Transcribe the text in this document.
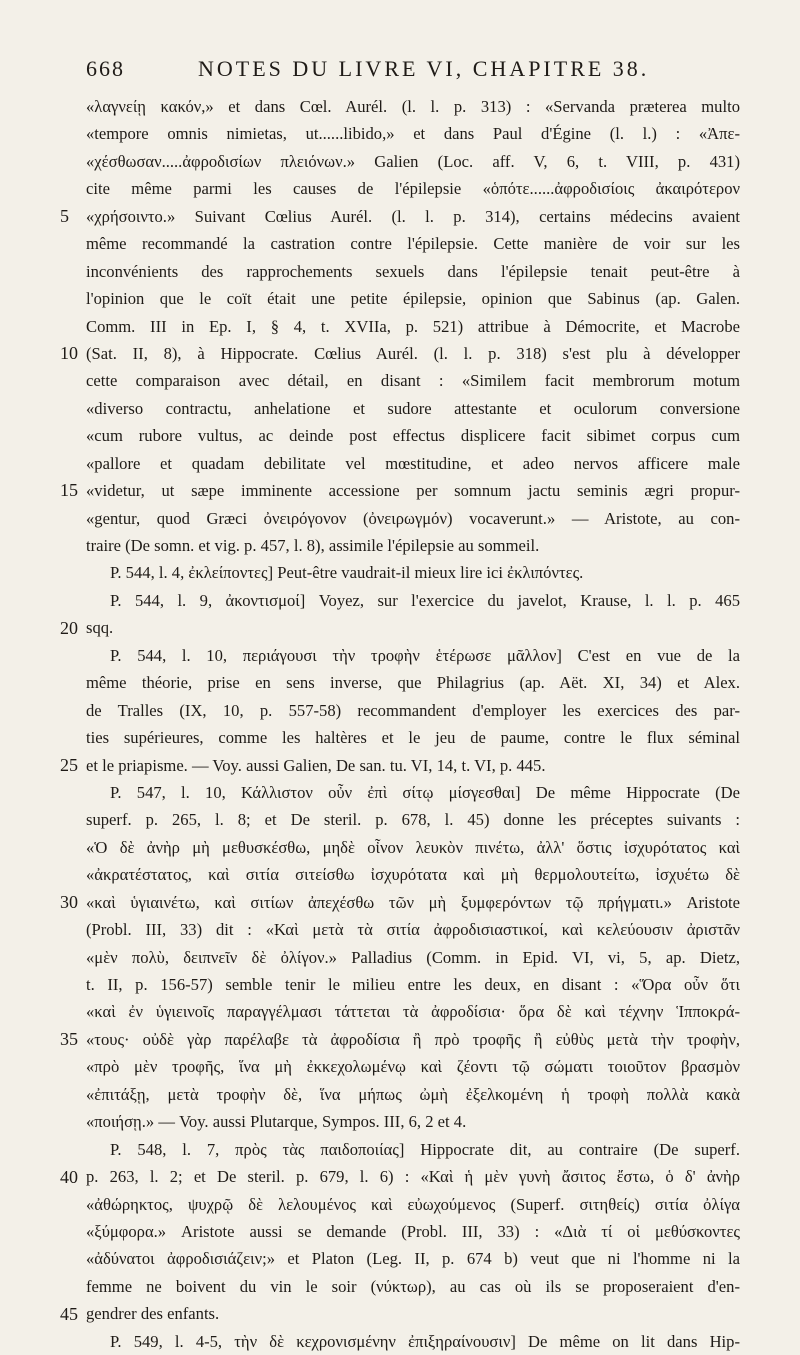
668	NOTES DU LIVRE VI, CHAPITRE 38.
5
10
15
20
25
30
35
40
45
«λαγνείῃ κακόν,» et dans Cœl. Aurél. (l. l. p. 313) : «Servanda præterea multo
«tempore omnis nimietas, ut......libido,» et dans Paul d'Égine (l. l.) : «Ἀπε-
«χέσθωσαν.....ἀφροδισίων πλειόνων.» Galien (Loc. aff. V, 6, t. VIII, p. 431)
cite même parmi les causes de l'épilepsie «ὁπότε......ἀφροδισίοις ἀκαιρότερον
«χρήσοιντο.» Suivant Cœlius Aurél. (l. l. p. 314), certains médecins avaient
même recommandé la castration contre l'épilepsie. Cette manière de voir sur les
inconvénients des rapprochements sexuels dans l'épilepsie tenait peut-être à
l'opinion que le coït était une petite épilepsie, opinion que Sabinus (ap. Galen.
Comm. III in Ep. I, § 4, t. XVIIa, p. 521) attribue à Démocrite, et Macrobe
(Sat. II, 8), à Hippocrate. Cœlius Aurél. (l. l. p. 318) s'est plu à développer
cette comparaison avec détail, en disant : «Similem facit membrorum motum
«diverso contractu, anhelatione et sudore attestante et oculorum conversione
«cum rubore vultus, ac deinde post effectus displicere facit sibimet corpus cum
«pallore et quadam debilitate vel mœstitudine, et adeo nervos afficere male
«videtur, ut sæpe imminente accessione per somnum jactu seminis ægri propur-
«gentur, quod Græci ὀνειρόγονον (ὀνειρωγμόν) vocaverunt.» — Aristote, au con-
traire (De somn. et vig. p. 457, l. 8), assimile l'épilepsie au sommeil.
P. 544, l. 4, ἐκλείποντες] Peut-être vaudrait-il mieux lire ici ἐκλιπόντες.
P. 544, l. 9, ἀκοντισμοί] Voyez, sur l'exercice du javelot, Krause, l. l. p. 465
sqq.
P. 544, l. 10, περιάγουσι τὴν τροφὴν ἑτέρωσε μᾶλλον] C'est en vue de la
même théorie, prise en sens inverse, que Philagrius (ap. Aët. XI, 34) et Alex.
de Tralles (IX, 10, p. 557-58) recommandent d'employer les exercices des par-
ties supérieures, comme les haltères et le jeu de paume, contre le flux séminal
et le priapisme. — Voy. aussi Galien, De san. tu. VI, 14, t. VI, p. 445.
P. 547, l. 10, Κάλλιστον οὖν ἐπὶ σίτῳ μίσγεσθαι] De même Hippocrate (De
superf. p. 265, l. 8; et De steril. p. 678, l. 45) donne les préceptes suivants :
«Ὁ δὲ ἀνὴρ μὴ μεθυσκέσθω, μηδὲ οἶνον λευκὸν πινέτω, ἀλλ' ὅστις ἰσχυρότατος καὶ
«ἀκρατέστατος, καὶ σιτία σιτείσθω ἰσχυρότατα καὶ μὴ θερμολουτείτω, ἰσχυέτω δὲ
«καὶ ὑγιαινέτω, καὶ σιτίων ἀπεχέσθω τῶν μὴ ξυμφερόντων τῷ πρήγματι.» Aristote
(Probl. III, 33) dit : «Καὶ μετὰ τὰ σιτία ἀφροδισιαστικοί, καὶ κελεύουσιν ἀριστᾶν
«μὲν πολὺ, δειπνεῖν δὲ ὀλίγον.» Palladius (Comm. in Epid. VI, vi, 5, ap. Dietz,
t. II, p. 156-57) semble tenir le milieu entre les deux, en disant : «Ὅρα οὖν ὅτι
«καὶ ἐν ὑγιεινοῖς παραγγέλμασι τάττεται τὰ ἀφροδίσια· ὅρα δὲ καὶ τέχνην Ἱπποκρά-
«τους· οὐδὲ γὰρ παρέλαβε τὰ ἀφροδίσια ἢ πρὸ τροφῆς ἢ εὐθὺς μετὰ τὴν τροφὴν,
«πρὸ μὲν τροφῆς, ἵνα μὴ ἐκκεχολωμένῳ καὶ ζέοντι τῷ σώματι τοιοῦτον βρασμὸν
«ἐπιτάξῃ, μετὰ τροφὴν δὲ, ἵνα μήπως ὠμὴ ἐξελκομένη ἡ τροφὴ πολλὰ κακὰ
«ποιήσῃ.» — Voy. aussi Plutarque, Sympos. III, 6, 2 et 4.
P. 548, l. 7, πρὸς τὰς παιδοποιίας] Hippocrate dit, au contraire (De superf.
p. 263, l. 2; et De steril. p. 679, l. 6) : «Καὶ ἡ μὲν γυνὴ ἄσιτος ἔστω, ὁ δ' ἀνὴρ
«ἀθώρηκτος, ψυχρῷ δὲ λελουμένος καὶ εὐωχούμενος (Superf. σιτηθείς) σιτία ὀλίγα
«ξύμφορα.» Aristote aussi se demande (Probl. III, 33) : «Διὰ τί οἱ μεθύσκοντες
«ἀδύνατοι ἀφροδισιάζειν;» et Platon (Leg. II, p. 674 b) veut que ni l'homme ni la
femme ne boivent du vin le soir (νύκτωρ), au cas où ils se proposeraient d'en-
gendrer des enfants.
P. 549, l. 4-5, τὴν δὲ κεχρονισμένην ἐπιξηραίνουσιν] De même on lit dans Hip-
